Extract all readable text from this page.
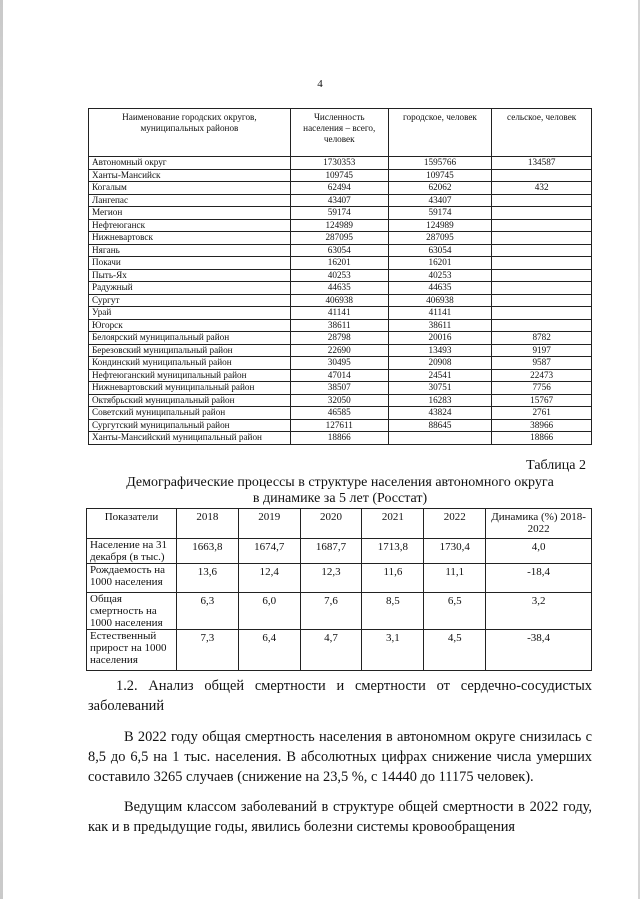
4
Наименование городских округов, муниципальных районов	Численность населения – всего, человек	городское, человек	сельское, человек
Автономный округ	1730353	1595766	134587
Ханты-Мансийск	109745	109745	
Когалым	62494	62062	432
Лангепас	43407	43407	
Мегион	59174	59174	
Нефтеюганск	124989	124989	
Нижневартовск	287095	287095	
Нягань	63054	63054	
Покачи	16201	16201	
Пыть-Ях	40253	40253	
Радужный	44635	44635	
Сургут	406938	406938	
Урай	41141	41141	
Югорск	38611	38611	
Белоярский муниципальный район	28798	20016	8782
Березовский муниципальный район	22690	13493	9197
Кондинский муниципальный район	30495	20908	9587
Нефтеюганский муниципальный район	47014	24541	22473
Нижневартовский муниципальный район	38507	30751	7756
Октябрьский муниципальный район	32050	16283	15767
Советский муниципальный район	46585	43824	2761
Сургутский муниципальный район	127611	88645	38966
Ханты-Мансийский муниципальный район	18866		18866
Таблица 2
Демографические процессы в структуре населения автономного округа
в динамике за 5 лет (Росстат)
Показатели	2018	2019	2020	2021	2022	Динамика (%) 2018-2022
Население на 31 декабря (в тыс.)	1663,8	1674,7	1687,7	1713,8	1730,4	4,0
Рождаемость на 1000 населения	13,6	12,4	12,3	11,6	11,1	-18,4
Общая смертность на 1000 населения	6,3	6,0	7,6	8,5	6,5	3,2
Естественный прирост на 1000 населения	7,3	6,4	4,7	3,1	4,5	-38,4
1.2. Анализ общей смертности и смертности от сердечно-сосудистых заболеваний
В 2022 году общая смертность населения в автономном округе снизилась с 8,5 до 6,5 на 1 тыс. населения. В абсолютных цифрах снижение числа умерших составило 3265 случаев (снижение на 23,5 %, с 14440 до 11175 человек).
Ведущим классом заболеваний в структуре общей смертности в 2022 году, как и в предыдущие годы, явились болезни системы кровообращения
